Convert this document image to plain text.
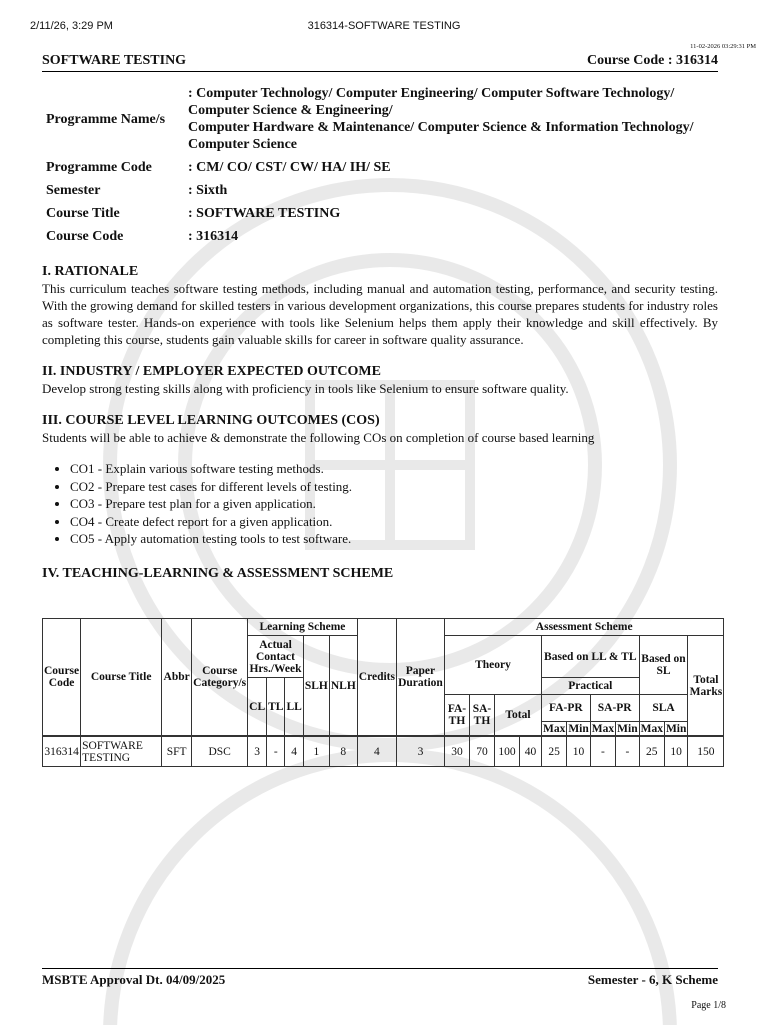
2/11/26, 3:29 PM	316314-SOFTWARE TESTING
11-02-2026 03:29:31 PM
SOFTWARE TESTING	Course Code : 316314
Programme Name/s	: Computer Technology/ Computer Engineering/ Computer Software Technology/
Computer Science & Engineering/
Computer Hardware & Maintenance/ Computer Science & Information Technology/
Computer Science

Programme Code	: CM/ CO/ CST/ CW/ HA/ IH/ SE
Semester	: Sixth
Course Title	: SOFTWARE TESTING
Course Code	: 316314
I. RATIONALE

This curriculum teaches software testing methods, including manual and automation testing, performance, and security testing. With the growing demand for skilled testers in various development organizations, this course prepares students for industry roles as software tester. Hands-on experience with tools like Selenium helps them apply their knowledge and skill effectively. By completing this course, students gain valuable skills for career in software quality assurance.

II. INDUSTRY / EMPLOYER EXPECTED OUTCOME

Develop strong testing skills along with proficiency in tools like Selenium to ensure software quality.

III. COURSE LEVEL LEARNING OUTCOMES (COS)

Students will be able to achieve & demonstrate the following COs on completion of course based learning

• CO1 - Explain various software testing methods.
• CO2 - Prepare test cases for different levels of testing.
• CO3 - Prepare test plan for a given application.
• CO4 - Create defect report for a given application.
• CO5 - Apply automation testing tools to test software.
IV. TEACHING-LEARNING & ASSESSMENT SCHEME
Course Code	Course Title	Abbr	Course Category/s	Learning Scheme					Credits	Paper Duration	Assessment Scheme										
				Actual Contact Hrs./Week			SLH	NLH			Theory				Based on LL & TL				Based on SL		Total Marks
				CL	TL	LL									Practical						
											FA-TH	SA-TH	Total		FA-PR		SA-PR		SLA		
															Max	Min	Max	Min	Max	Min	

316314	SOFTWARE TESTING	SFT	DSC	3	-	4	1	8	4	3	30	70	100	40	25	10	-	-	25	10	150
MSBTE Approval Dt. 04/09/2025	Semester - 6, K Scheme
Page 1/8
